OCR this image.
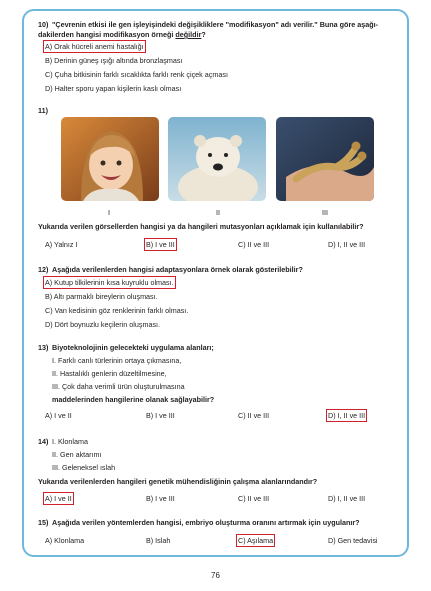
10) "Çevrenin etkisi ile gen işleyişindeki değişikliklere "modifikasyon" adı verilir." Buna göre aşağı-
dakilerden hangisi modifikasyon örneği değildir?
A) Orak hücreli anemi hastalığı
B) Derinin güneş ışığı altında bronzlaşması
C) Çuha bitkisinin farklı sıcaklıkta farklı renk çiçek açması
D) Halter sporu yapan kişilerin kaslı olması
11)
I	II	III
Yukarıda verilen görsellerden hangisi ya da hangileri mutasyonları açıklamak için kullanılabilir?
A) Yalnız I	B) I ve III	C) II ve III	D) I, II ve III
12) Aşağıda verilenlerden hangisi adaptasyonlara örnek olarak gösterilebilir?
A) Kutup tilkilerinin kısa kuyruklu olması.
B) Altı parmaklı bireylerin oluşması.
C) Van kedisinin göz renklerinin farklı olması.
D) Dört boynuzlu keçilerin oluşması.
13) Biyoteknolojinin gelecekteki uygulama alanları;
I. Farklı canlı türlerinin ortaya çıkmasına,
II. Hastalıklı genlerin düzeltilmesine,
III. Çok daha verimli ürün oluşturulmasına
maddelerinden hangilerine olanak sağlayabilir?
A) I ve II	B) I ve III	C) II ve III	D) I, II ve III
14) I. Klonlama
II. Gen aktarımı
III. Geleneksel ıslah
Yukarıda verilenlerden hangileri genetik mühendisliğinin çalışma alanlarındandır?
A) I ve II	B) I ve III	C) II ve III	D) I, II ve III
15) Aşağıda verilen yöntemlerden hangisi, embriyo oluşturma oranını artırmak için uygulanır?
A) Klonlama	B) Islah	C) Aşılama	D) Gen tedavisi
76
